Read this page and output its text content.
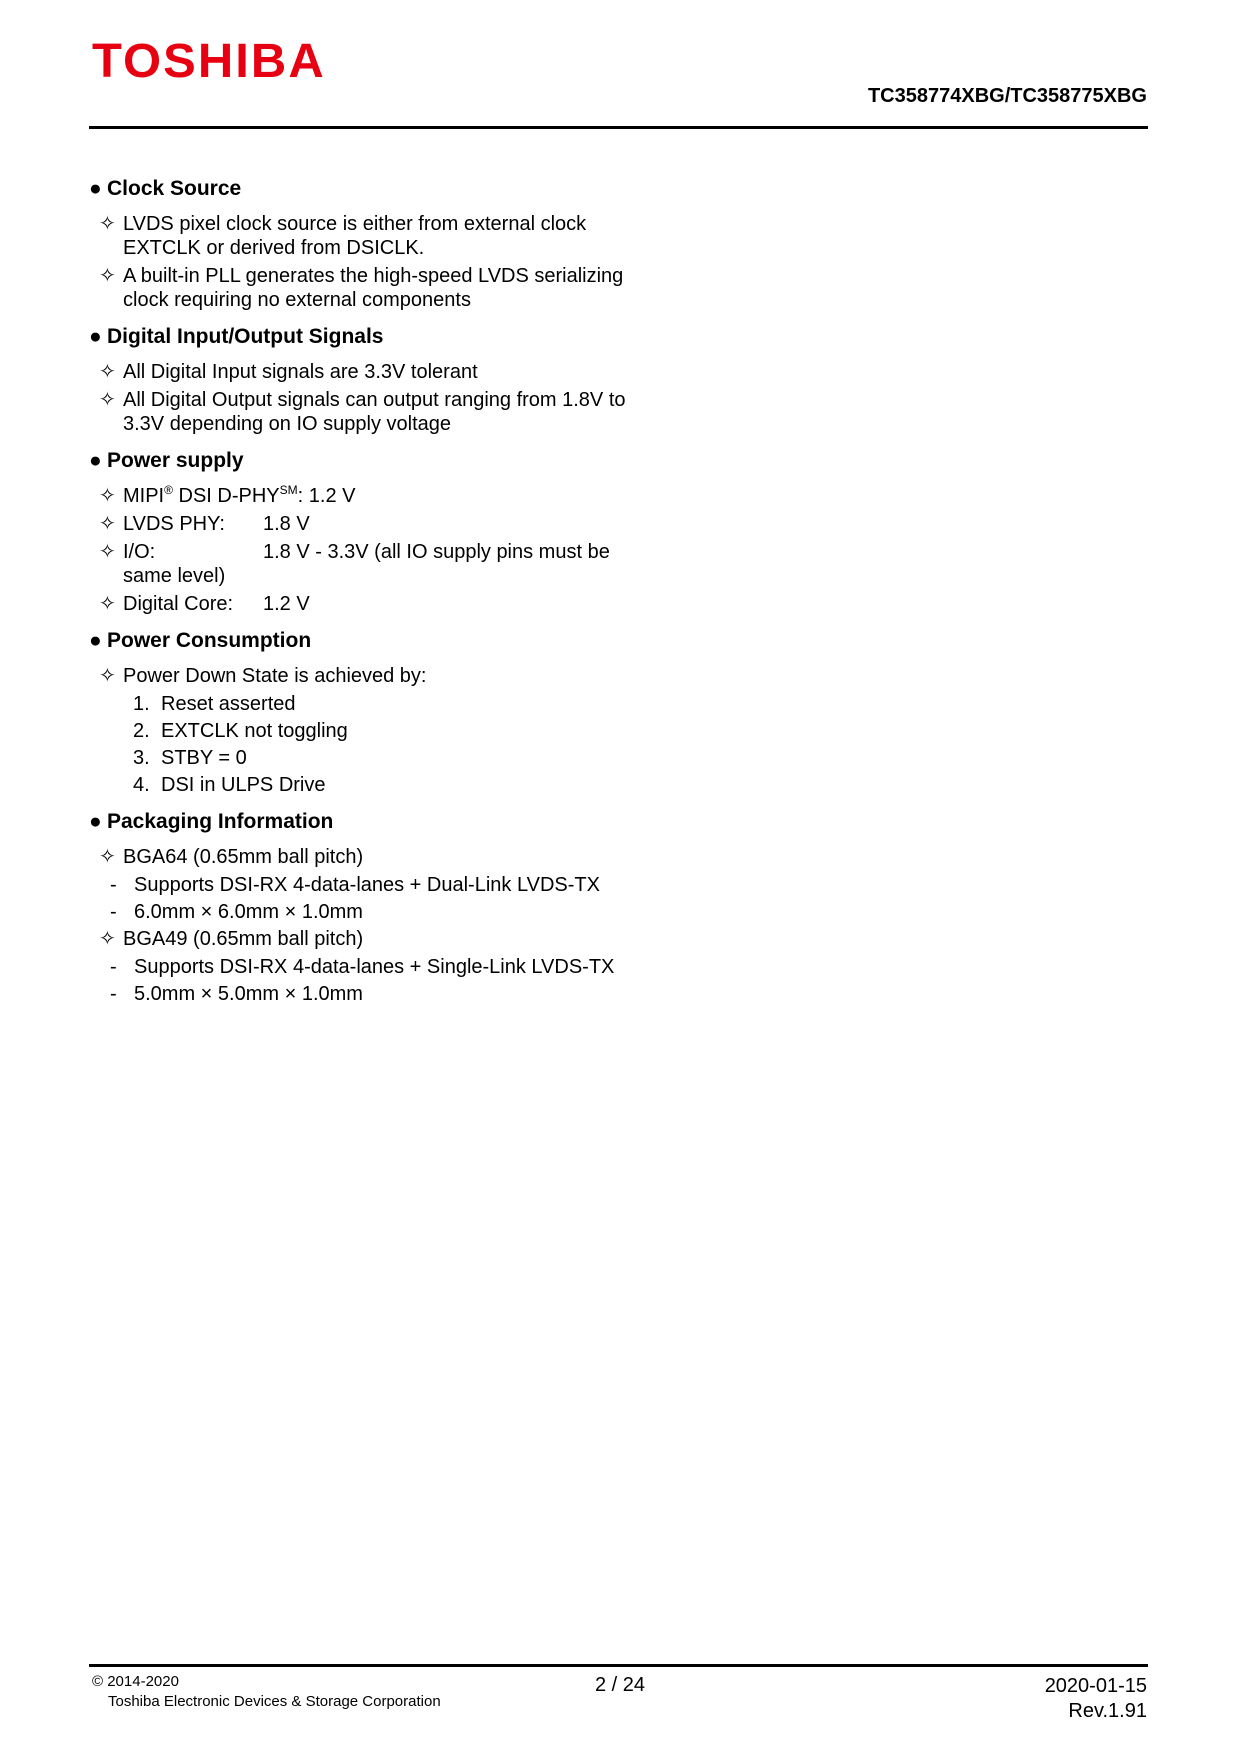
TOSHIBA
TC358774XBG/TC358775XBG
● Clock Source
✧ LVDS pixel clock source is either from external clock EXTCLK or derived from DSICLK.
✧ A built-in PLL generates the high-speed LVDS serializing clock requiring no external components
● Digital Input/Output Signals
✧ All Digital Input signals are 3.3V tolerant
✧ All Digital Output signals can output ranging from 1.8V to 3.3V depending on IO supply voltage
● Power supply
✧ MIPI® DSI D-PHY℠: 1.2 V
✧ LVDS PHY: 1.8 V
✧ I/O:	1.8 V - 3.3V (all IO supply pins must be same level)
✧ Digital Core: 1.2 V
● Power Consumption
✧ Power Down State is achieved by:
1. Reset asserted
2. EXTCLK not toggling
3. STBY = 0
4. DSI in ULPS Drive
● Packaging Information
✧ BGA64 (0.65mm ball pitch)
- Supports DSI-RX 4-data-lanes + Dual-Link LVDS-TX
- 6.0mm × 6.0mm × 1.0mm
✧ BGA49 (0.65mm ball pitch)
- Supports DSI-RX 4-data-lanes + Single-Link LVDS-TX
- 5.0mm × 5.0mm × 1.0mm
© 2014-2020
Toshiba Electronic Devices & Storage Corporation
2 / 24	2020-01-15
Rev.1.91
